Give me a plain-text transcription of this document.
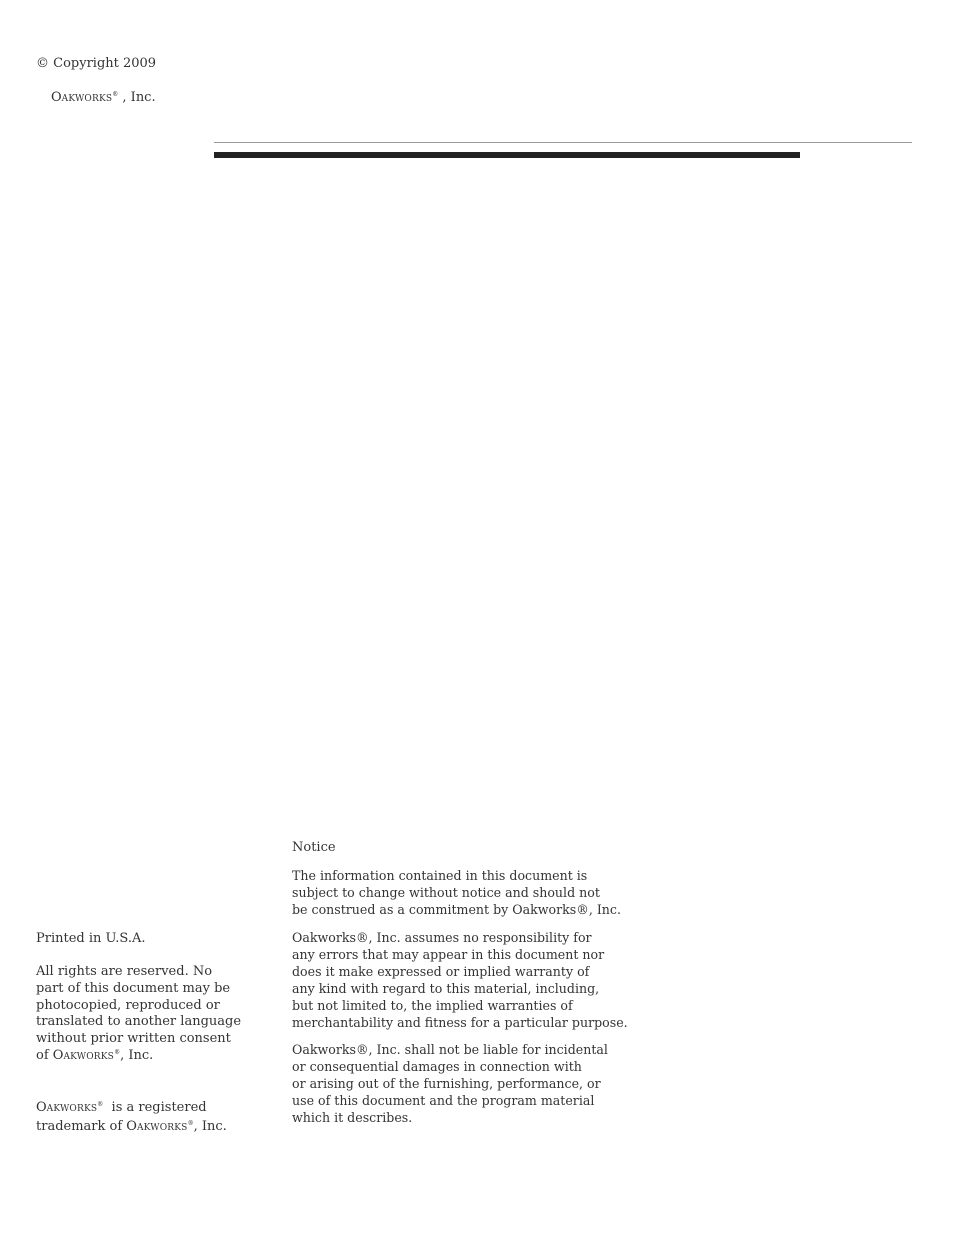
© Copyright 2009
OAKWORKS® , Inc.
Printed in U.S.A.
All rights are reserved. No
part of this document may be
photocopied, reproduced or
translated to another language
without prior written consent
of OAKWORKS®, Inc.
OAKWORKS®  is a registered
trademark of OAKWORKS®, Inc.
Notice
The information contained in this document is
subject to change without notice and should not
be construed as a commitment by Oakworks®, Inc.
Oakworks®, Inc. assumes no responsibility for
any errors that may appear in this document nor
does it make expressed or implied warranty of
any kind with regard to this material, including,
but not limited to, the implied warranties of
merchantability and fitness for a particular purpose.
Oakworks®, Inc. shall not be liable for incidental
or consequential damages in connection with
or arising out of the furnishing, performance, or
use of this document and the program material
which it describes.
